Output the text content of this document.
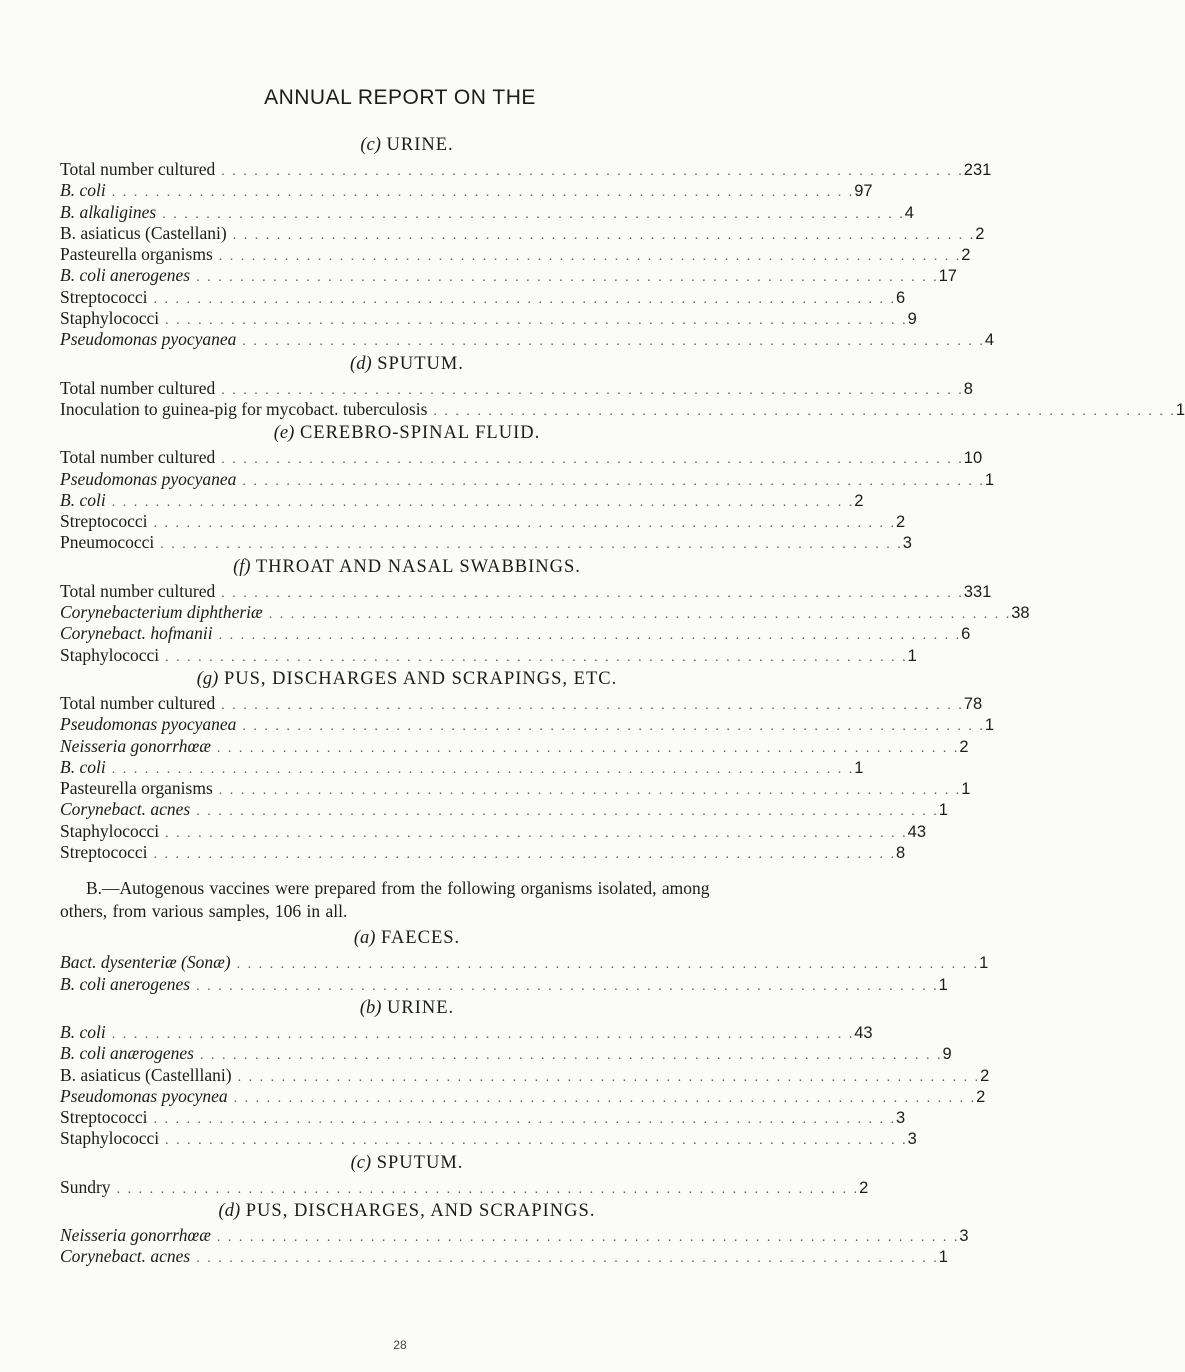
ANNUAL REPORT ON THE
(c) URINE.
Total number cultured . . . . . . . . . . . . . . . . . . . . . . . . . . . . . . . . . . . . . . . . . . . . . . . . . . . . . . . . . . . . . . . . . . . . 231
B. coli . . . . . . . . . . . . . . . . . . . . . . . . . . . . . . . . . . . . . . . . . . . . . . . . . . . . . . . . . . . . . . . . . . . . 97
B. alkaligines . . . . . . . . . . . . . . . . . . . . . . . . . . . . . . . . . . . . . . . . . . . . . . . . . . . . . . . . . . . . . . . . . . . . 4
B. asiaticus (Castellani) . . . . . . . . . . . . . . . . . . . . . . . . . . . . . . . . . . . . . . . . . . . . . . . . . . . . . . . . . . . . . . . . . . . . 2
Pasteurella organisms . . . . . . . . . . . . . . . . . . . . . . . . . . . . . . . . . . . . . . . . . . . . . . . . . . . . . . . . . . . . . . . . . . . . 2
B. coli anerogenes . . . . . . . . . . . . . . . . . . . . . . . . . . . . . . . . . . . . . . . . . . . . . . . . . . . . . . . . . . . . . . . . . . . . 17
Streptococci . . . . . . . . . . . . . . . . . . . . . . . . . . . . . . . . . . . . . . . . . . . . . . . . . . . . . . . . . . . . . . . . . . . . 6
Staphylococci . . . . . . . . . . . . . . . . . . . . . . . . . . . . . . . . . . . . . . . . . . . . . . . . . . . . . . . . . . . . . . . . . . . . 9
Pseudomonas pyocyanea . . . . . . . . . . . . . . . . . . . . . . . . . . . . . . . . . . . . . . . . . . . . . . . . . . . . . . . . . . . . . . . . . . . . 4
(d) SPUTUM.
Total number cultured . . . . . . . . . . . . . . . . . . . . . . . . . . . . . . . . . . . . . . . . . . . . . . . . . . . . . . . . . . . . . . . . . . . . 8
Inoculation to guinea-pig for mycobact. tuberculosis . . . . . . . . . . . . . . . . . . . . . . . . . . . . . . . . . . . . . . . . . . . . . . . . . . . . . . . . . . . . . . . . . . . . 1
(e) CEREBRO-SPINAL FLUID.
Total number cultured . . . . . . . . . . . . . . . . . . . . . . . . . . . . . . . . . . . . . . . . . . . . . . . . . . . . . . . . . . . . . . . . . . . . 10
Pseudomonas pyocyanea . . . . . . . . . . . . . . . . . . . . . . . . . . . . . . . . . . . . . . . . . . . . . . . . . . . . . . . . . . . . . . . . . . . . 1
B. coli . . . . . . . . . . . . . . . . . . . . . . . . . . . . . . . . . . . . . . . . . . . . . . . . . . . . . . . . . . . . . . . . . . . . 2
Streptococci . . . . . . . . . . . . . . . . . . . . . . . . . . . . . . . . . . . . . . . . . . . . . . . . . . . . . . . . . . . . . . . . . . . . 2
Pneumococci . . . . . . . . . . . . . . . . . . . . . . . . . . . . . . . . . . . . . . . . . . . . . . . . . . . . . . . . . . . . . . . . . . . . 3
(f) THROAT AND NASAL SWABBINGS.
Total number cultured . . . . . . . . . . . . . . . . . . . . . . . . . . . . . . . . . . . . . . . . . . . . . . . . . . . . . . . . . . . . . . . . . . . . 331
Corynebacterium diphtheriæ . . . . . . . . . . . . . . . . . . . . . . . . . . . . . . . . . . . . . . . . . . . . . . . . . . . . . . . . . . . . . . . . . . . . 38
Corynebact. hofmanii . . . . . . . . . . . . . . . . . . . . . . . . . . . . . . . . . . . . . . . . . . . . . . . . . . . . . . . . . . . . . . . . . . . . 6
Staphylococci . . . . . . . . . . . . . . . . . . . . . . . . . . . . . . . . . . . . . . . . . . . . . . . . . . . . . . . . . . . . . . . . . . . . 1
(g) PUS, DISCHARGES AND SCRAPINGS, ETC.
Total number cultured . . . . . . . . . . . . . . . . . . . . . . . . . . . . . . . . . . . . . . . . . . . . . . . . . . . . . . . . . . . . . . . . . . . . 78
Pseudomonas pyocyanea . . . . . . . . . . . . . . . . . . . . . . . . . . . . . . . . . . . . . . . . . . . . . . . . . . . . . . . . . . . . . . . . . . . . 1
Neisseria gonorrhœæ . . . . . . . . . . . . . . . . . . . . . . . . . . . . . . . . . . . . . . . . . . . . . . . . . . . . . . . . . . . . . . . . . . . . 2
B. coli . . . . . . . . . . . . . . . . . . . . . . . . . . . . . . . . . . . . . . . . . . . . . . . . . . . . . . . . . . . . . . . . . . . . 1
Pasteurella organisms . . . . . . . . . . . . . . . . . . . . . . . . . . . . . . . . . . . . . . . . . . . . . . . . . . . . . . . . . . . . . . . . . . . . 1
Corynebact. acnes . . . . . . . . . . . . . . . . . . . . . . . . . . . . . . . . . . . . . . . . . . . . . . . . . . . . . . . . . . . . . . . . . . . . 1
Staphylococci . . . . . . . . . . . . . . . . . . . . . . . . . . . . . . . . . . . . . . . . . . . . . . . . . . . . . . . . . . . . . . . . . . . . 43
Streptococci . . . . . . . . . . . . . . . . . . . . . . . . . . . . . . . . . . . . . . . . . . . . . . . . . . . . . . . . . . . . . . . . . . . . 8

B.—Autogenous vaccines were prepared from the following organisms isolated, among others, from various samples, 106 in all.

(a) FAECES.
Bact. dysenteriæ (Sonæ) . . . . . . . . . . . . . . . . . . . . . . . . . . . . . . . . . . . . . . . . . . . . . . . . . . . . . . . . . . . . . . . . . . . . 1
B. coli anerogenes . . . . . . . . . . . . . . . . . . . . . . . . . . . . . . . . . . . . . . . . . . . . . . . . . . . . . . . . . . . . . . . . . . . . 1
(b) URINE.
B. coli . . . . . . . . . . . . . . . . . . . . . . . . . . . . . . . . . . . . . . . . . . . . . . . . . . . . . . . . . . . . . . . . . . . . 43
B. coli anærogenes . . . . . . . . . . . . . . . . . . . . . . . . . . . . . . . . . . . . . . . . . . . . . . . . . . . . . . . . . . . . . . . . . . . . 9
B. asiaticus (Castelllani) . . . . . . . . . . . . . . . . . . . . . . . . . . . . . . . . . . . . . . . . . . . . . . . . . . . . . . . . . . . . . . . . . . . . 2
Pseudomonas pyocynea . . . . . . . . . . . . . . . . . . . . . . . . . . . . . . . . . . . . . . . . . . . . . . . . . . . . . . . . . . . . . . . . . . . . 2
Streptococci . . . . . . . . . . . . . . . . . . . . . . . . . . . . . . . . . . . . . . . . . . . . . . . . . . . . . . . . . . . . . . . . . . . . 3
Staphylococci . . . . . . . . . . . . . . . . . . . . . . . . . . . . . . . . . . . . . . . . . . . . . . . . . . . . . . . . . . . . . . . . . . . . 3
(c) SPUTUM.
Sundry . . . . . . . . . . . . . . . . . . . . . . . . . . . . . . . . . . . . . . . . . . . . . . . . . . . . . . . . . . . . . . . . . . . . 2
(d) PUS, DISCHARGES, AND SCRAPINGS.
Neisseria gonorrhœæ . . . . . . . . . . . . . . . . . . . . . . . . . . . . . . . . . . . . . . . . . . . . . . . . . . . . . . . . . . . . . . . . . . . . 3
Corynebact. acnes . . . . . . . . . . . . . . . . . . . . . . . . . . . . . . . . . . . . . . . . . . . . . . . . . . . . . . . . . . . . . . . . . . . . 1
28
